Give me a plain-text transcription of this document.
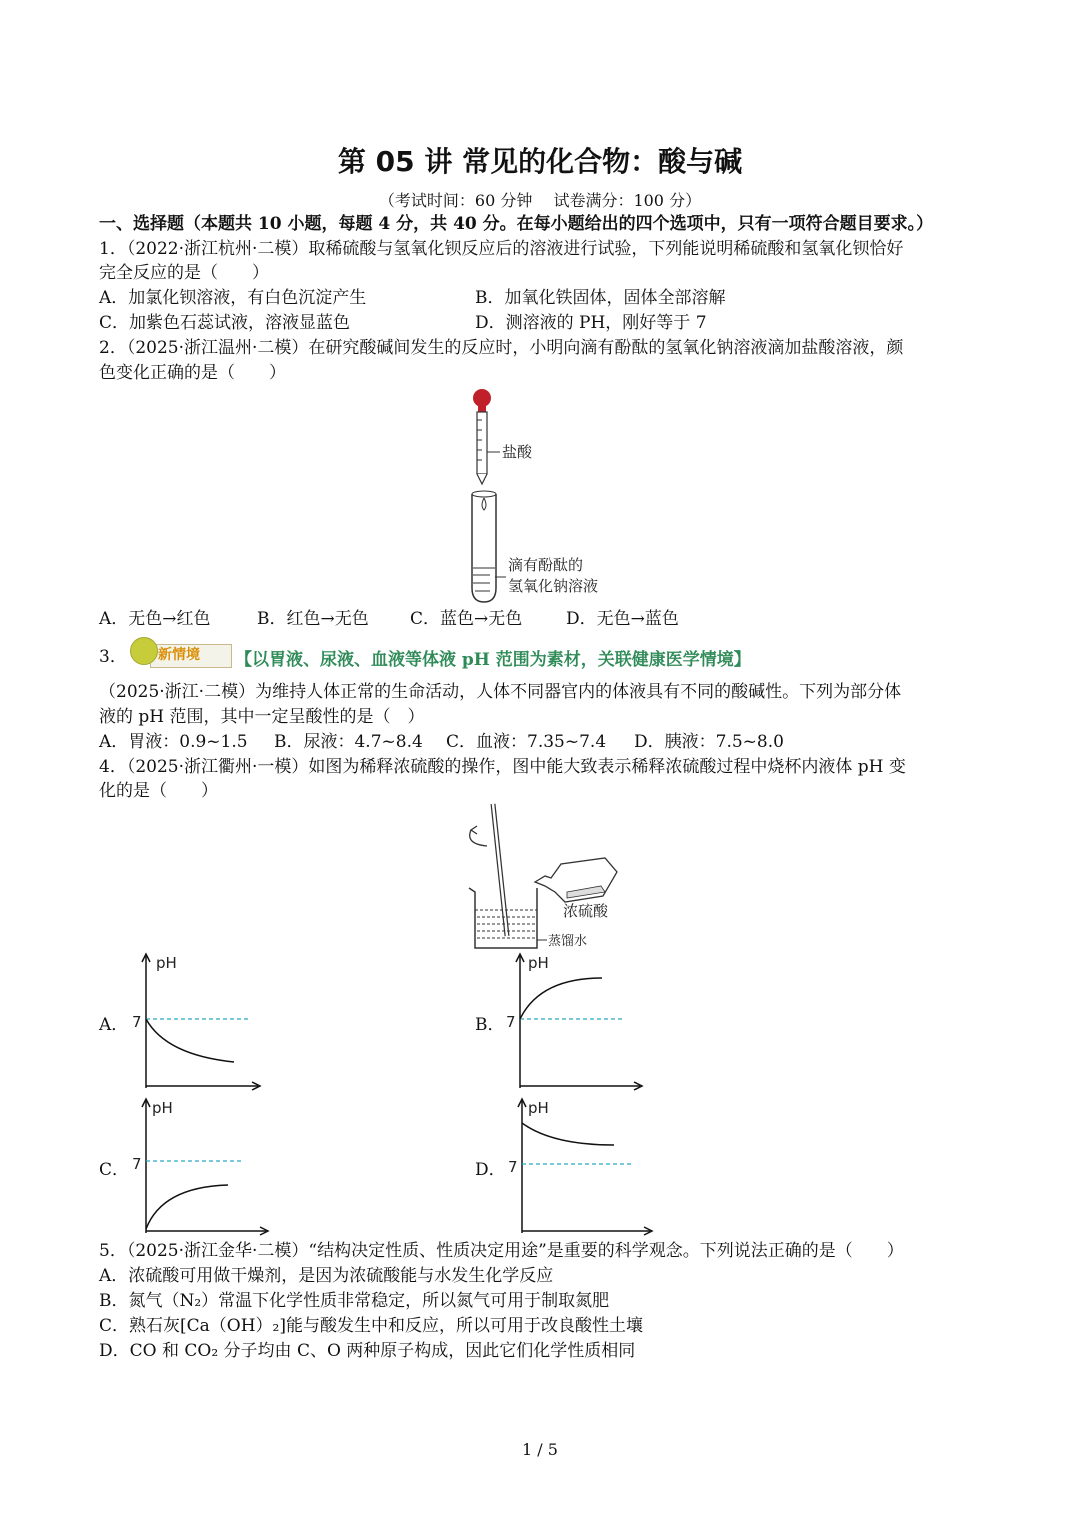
第 05 讲 常见的化合物：酸与碱
（考试时间：60 分钟　 试卷满分：100 分）
一、选择题（本题共 10 小题，每题 4 分，共 40 分。在每小题给出的四个选项中，只有一项符合题目要求。）
1．（2022·浙江杭州·二模）取稀硫酸与氢氧化钡反应后的溶液进行试验，下列能说明稀硫酸和氢氧化钡恰好
完全反应的是（　　）
A．加氯化钡溶液，有白色沉淀产生	B．加氧化铁固体，固体全部溶解
C．加紫色石蕊试液，溶液显蓝色	D．测溶液的 PH，刚好等于 7
2．（2025·浙江温州·二模）在研究酸碱间发生的反应时，小明向滴有酚酞的氢氧化钠溶液滴加盐酸溶液，颜
色变化正确的是（　　）
盐酸
滴有酚酞的
氢氧化钠溶液
A．无色→红色	B．红色→无色 C．蓝色→无色	D．无色→蓝色
3． 新情境 【以胃液、尿液、血液等体液 pH 范围为素材，关联健康医学情境】
（2025·浙江·二模）为维持人体正常的生命活动，人体不同器官内的体液具有不同的酸碱性。下列为部分体
液的 pH 范围，其中一定呈酸性的是（　）
A．胃液：0.9~1.5 B．尿液：4.7~8.4 C．血液：7.35~7.4 D．胰液：7.5~8.0
4．（2025·浙江衢州·一模）如图为稀释浓硫酸的操作，图中能大致表示稀释浓硫酸过程中烧杯内液体 pH 变
化的是（　　）
浓硫酸
蒸馏水
A．
pH
7	B．
pH
7
C．
pH
7	D．
pH
7
5．（2025·浙江金华·二模）“结构决定性质、性质决定用途”是重要的科学观念。下列说法正确的是（　　）
A．浓硫酸可用做干燥剂，是因为浓硫酸能与水发生化学反应
B．氮气（N₂）常温下化学性质非常稳定，所以氮气可用于制取氮肥
C．熟石灰[Ca（OH）₂]能与酸发生中和反应，所以可用于改良酸性土壤
D．CO 和 CO₂ 分子均由 C、O 两种原子构成，因此它们化学性质相同
1 / 5
